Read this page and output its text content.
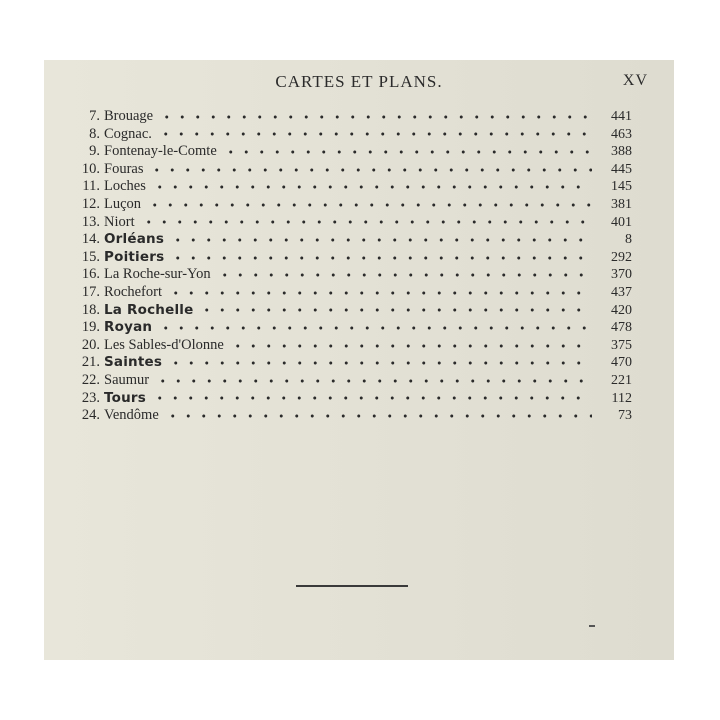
CARTES ET PLANS.	XV
7. Brouage	441
8. Cognac.	463
9. Fontenay-le-Comte	388
10. Fouras	445
11. Loches	145
12. Luçon	381
13. Niort	401
14. Orléans	8
15. Poitiers	292
16. La Roche-sur-Yon	370
17. Rochefort	437
18. La Rochelle	420
19. Royan	478
20. Les Sables-d'Olonne	375
21. Saintes	470
22. Saumur	221
23. Tours	112
24. Vendôme	73
